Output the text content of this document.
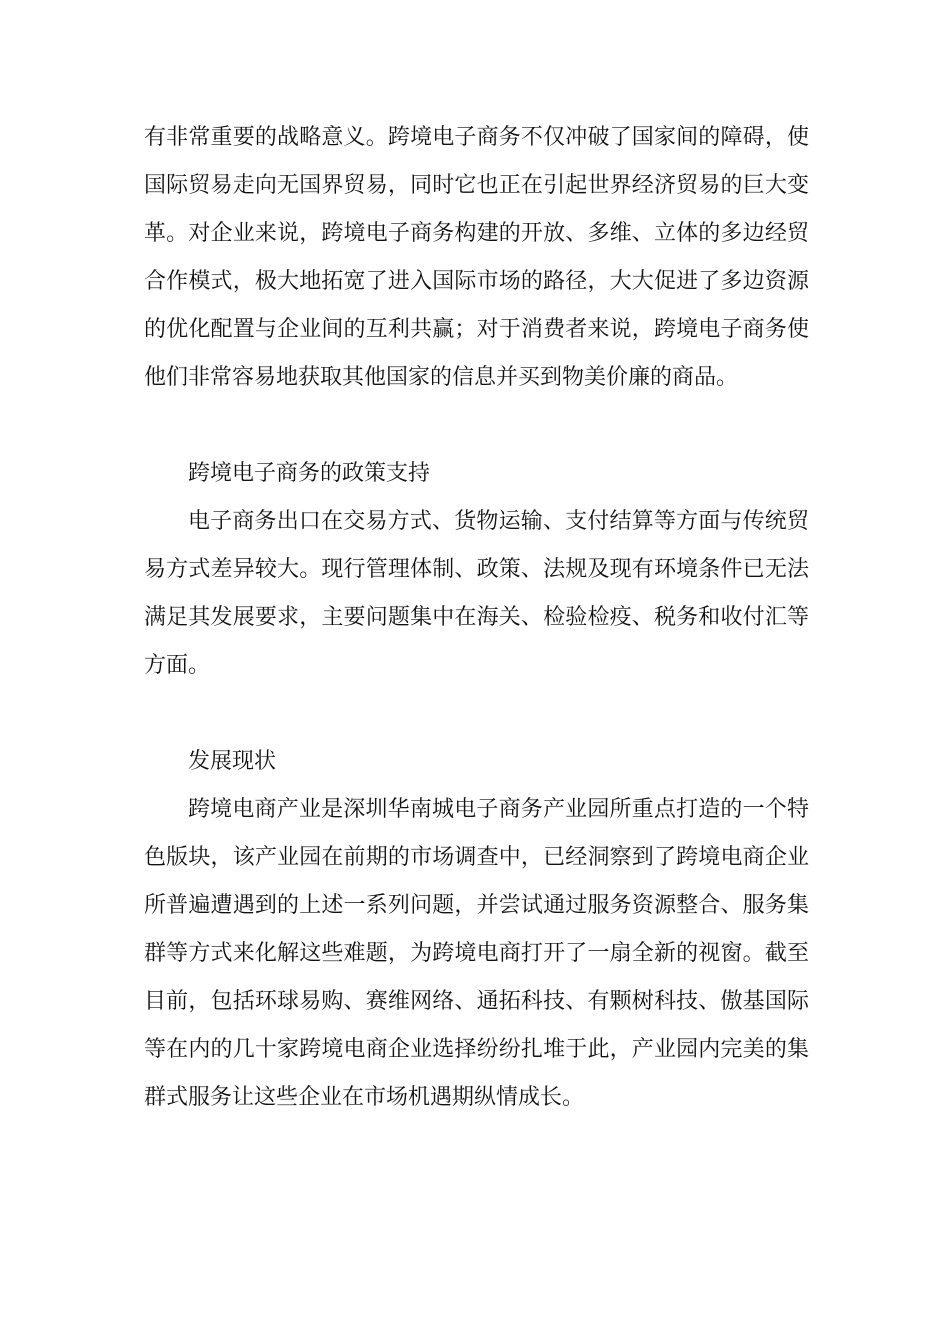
有非常重要的战略意义。跨境电子商务不仅冲破了国家间的障碍，使国际贸易走向无国界贸易，同时它也正在引起世界经济贸易的巨大变革。对企业来说，跨境电子商务构建的开放、多维、立体的多边经贸合作模式，极大地拓宽了进入国际市场的路径，大大促进了多边资源的优化配置与企业间的互利共赢；对于消费者来说，跨境电子商务使他们非常容易地获取其他国家的信息并买到物美价廉的商品。

跨境电子商务的政策支持

电子商务出口在交易方式、货物运输、支付结算等方面与传统贸易方式差异较大。现行管理体制、政策、法规及现有环境条件已无法满足其发展要求，主要问题集中在海关、检验检疫、税务和收付汇等方面。

发展现状

跨境电商产业是深圳华南城电子商务产业园所重点打造的一个特色版块，该产业园在前期的市场调查中，已经洞察到了跨境电商企业所普遍遭遇到的上述一系列问题，并尝试通过服务资源整合、服务集群等方式来化解这些难题，为跨境电商打开了一扇全新的视窗。截至目前，包括环球易购、赛维网络、通拓科技、有颗树科技、傲基国际等在内的几十家跨境电商企业选择纷纷扎堆于此，产业园内完美的集群式服务让这些企业在市场机遇期纵情成长。
